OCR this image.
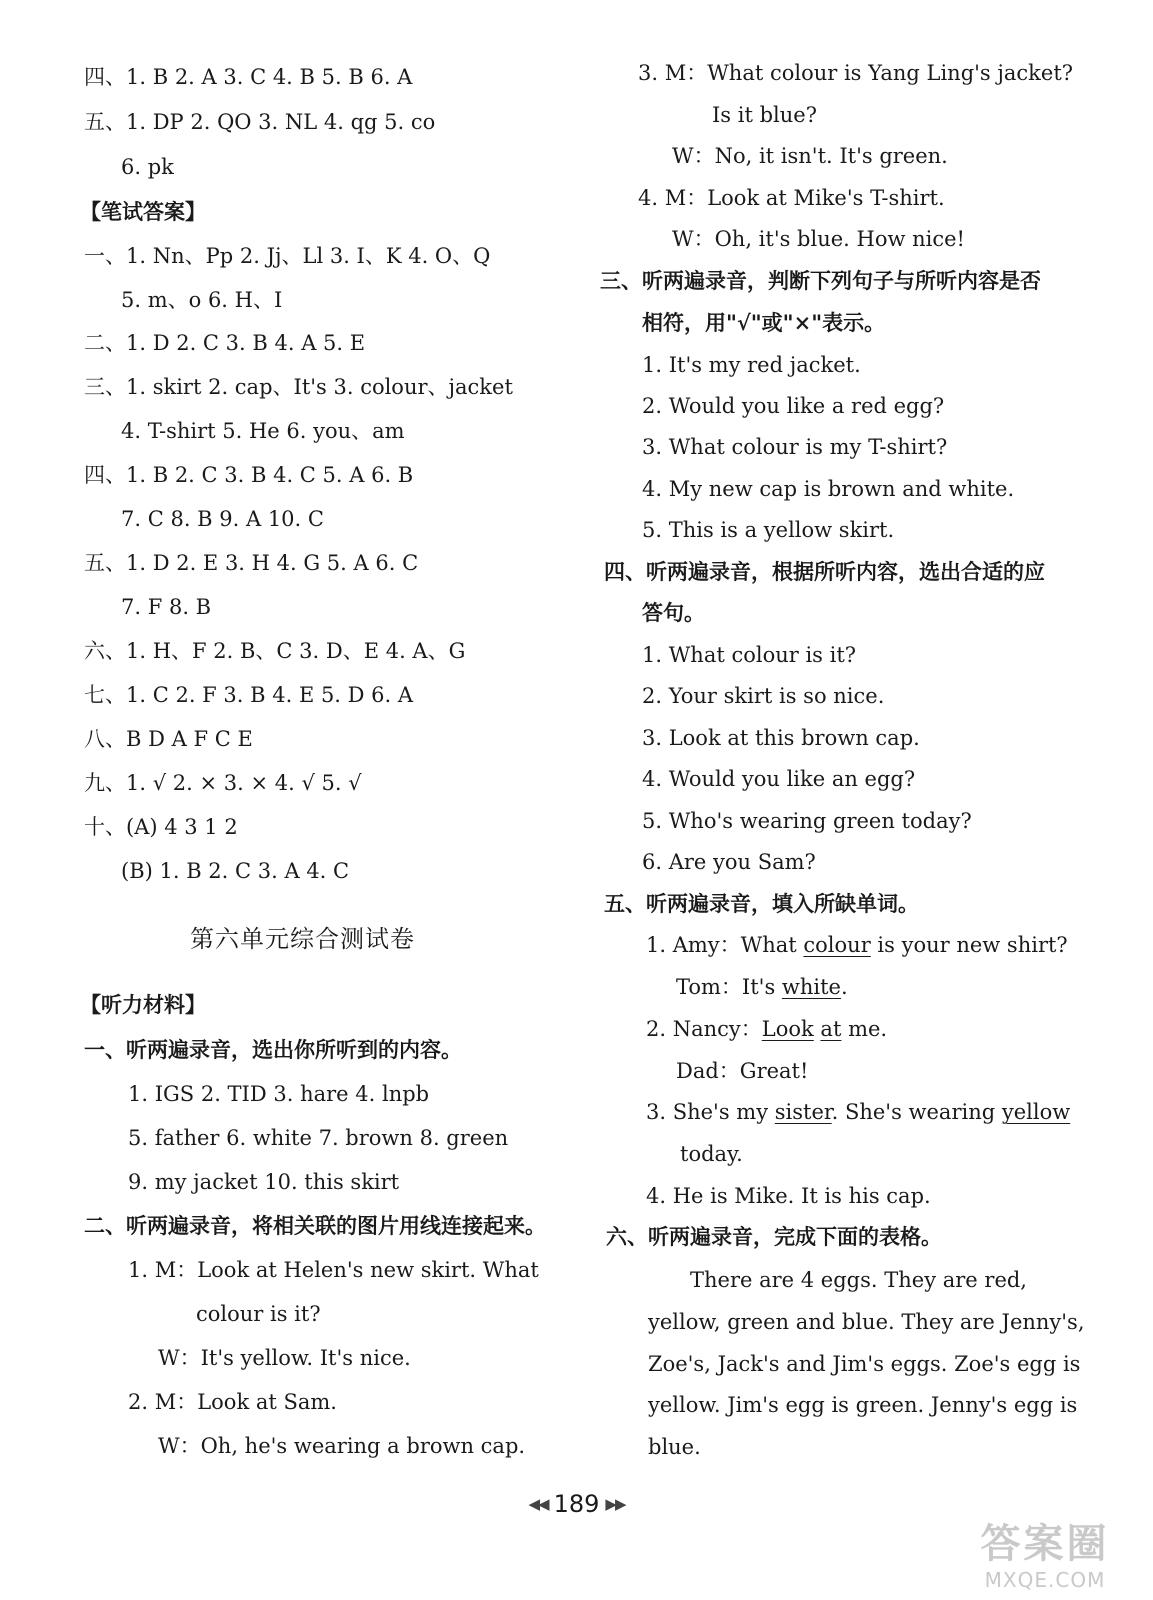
四、1. B 2. A 3. C 4. B 5. B 6. A
五、1. DP 2. QO 3. NL 4. qg 5. co
6. pk
【笔试答案】
一、1. Nn、Pp 2. Jj、Ll 3. I、K 4. O、Q
5. m、o 6. H、I
二、1. D 2. C 3. B 4. A 5. E
三、1. skirt 2. cap、It's 3. colour、jacket
4. T-shirt 5. He 6. you、am
四、1. B 2. C 3. B 4. C 5. A 6. B
7. C 8. B 9. A 10. C
五、1. D 2. E 3. H 4. G 5. A 6. C
7. F 8. B
六、1. H、F 2. B、C 3. D、E 4. A、G
七、1. C 2. F 3. B 4. E 5. D 6. A
八、B D A F C E
九、1. √ 2. × 3. × 4. √ 5. √
十、(A) 4 3 1 2
(B) 1. B 2. C 3. A 4. C
第六单元综合测试卷
【听力材料】
一、听两遍录音，选出你所听到的内容。
1. IGS 2. TID 3. hare 4. lnpb
5. father 6. white 7. brown 8. green
9. my jacket 10. this skirt
二、听两遍录音，将相关联的图片用线连接起来。
1. M：Look at Helen's new skirt. What
colour is it?
W：It's yellow. It's nice.
2. M：Look at Sam.
W：Oh, he's wearing a brown cap.
3. M：What colour is Yang Ling's jacket?
Is it blue?
W：No, it isn't. It's green.
4. M：Look at Mike's T-shirt.
W：Oh, it's blue. How nice!
三、听两遍录音，判断下列句子与所听内容是否
相符，用"√"或"×"表示。
1. It's my red jacket.
2. Would you like a red egg?
3. What colour is my T-shirt?
4. My new cap is brown and white.
5. This is a yellow skirt.
四、听两遍录音，根据所听内容，选出合适的应
答句。
1. What colour is it?
2. Your skirt is so nice.
3. Look at this brown cap.
4. Would you like an egg?
5. Who's wearing green today?
6. Are you Sam?
五、听两遍录音，填入所缺单词。
1. Amy：What colour is your new shirt?
Tom：It's white.
2. Nancy：Look at me.
Dad：Great!
3. She's my sister. She's wearing yellow
today.
4. He is Mike. It is his cap.
六、听两遍录音，完成下面的表格。
There are 4 eggs. They are red,
yellow, green and blue. They are Jenny's,
Zoe's, Jack's and Jim's eggs. Zoe's egg is
yellow. Jim's egg is green. Jenny's egg is
blue.
◀◀ 189 ▶▶
答案圈
MXQE.COM
